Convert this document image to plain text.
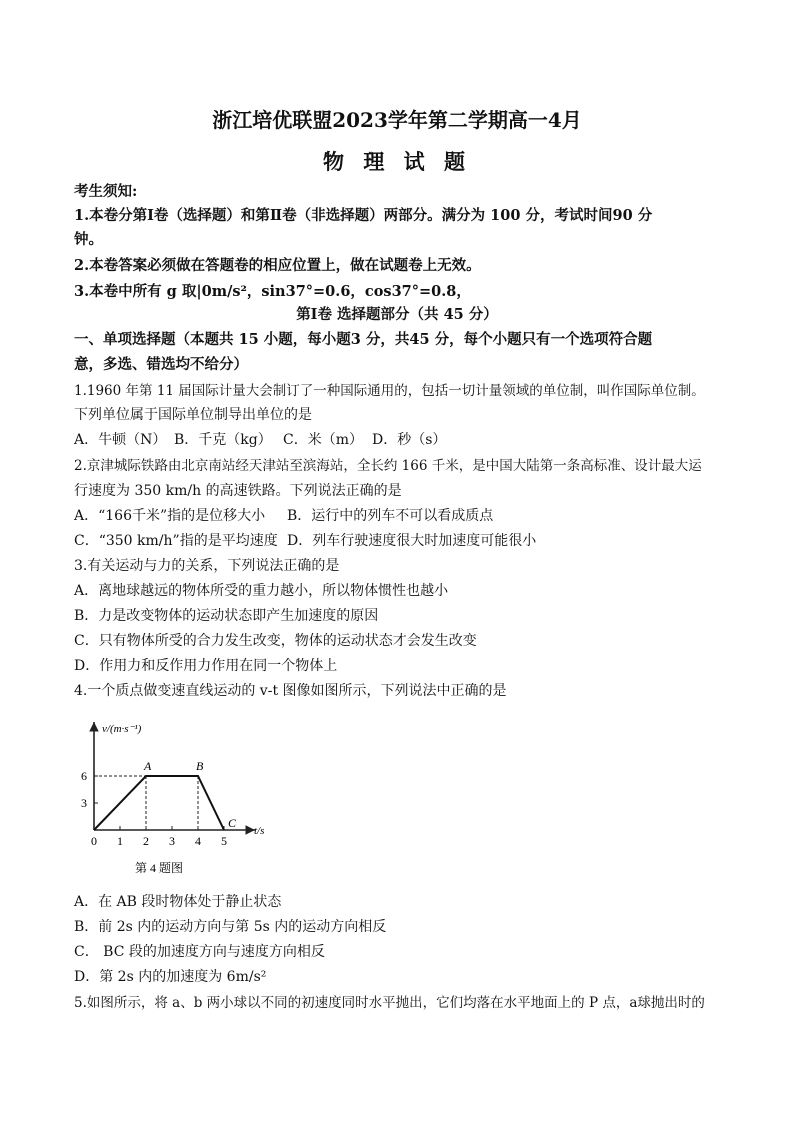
浙江培优联盟2023学年第二学期高一4月
物 理 试 题
考生须知:
1.本卷分第Ⅰ卷（选择题）和第Ⅱ卷（非选择题）两部分。满分为 100 分，考试时间90 分
钟。
2.本卷答案必须做在答题卷的相应位置上，做在试题卷上无效。
3.本卷中所有 g 取|0m/s²，sin37°=0.6，cos37°=0.8，
第Ⅰ卷 选择题部分（共 45 分）
一、单项选择题（本题共 15 小题，每小题3 分，共45 分，每个小题只有一个选项符合题
意，多选、错选均不给分）
1.1960 年第 11 届国际计量大会制订了一种国际通用的，包括一切计量领域的单位制，叫作国际单位制。
下列单位属于国际单位制导出单位的是
A．牛顿（N） B．千克（kg） C．米（m） D．秒（s）
2.京津城际铁路由北京南站经天津站至滨海站，全长约 166 千米，是中国大陆第一条高标准、设计最大运
行速度为 350 km/h 的高速铁路。下列说法正确的是
A．“166千米”指的是位移大小 B．运行中的列车不可以看成质点
C．“350 km/h”指的是平均速度 D．列车行驶速度很大时加速度可能很小
3.有关运动与力的关系，下列说法正确的是
A．离地球越远的物体所受的重力越小，所以物体惯性也越小
B．力是改变物体的运动状态即产生加速度的原因
C．只有物体所受的合力发生改变，物体的运动状态才会发生改变
D．作用力和反作用力作用在同一个物体上
4.一个质点做变速直线运动的 v-t 图像如图所示，下列说法中正确的是
0 1 2 3 4 5
3
6
A	B
C
v/(m·s⁻¹)
t/s
第 4 题图
A．在 AB 段时物体处于静止状态
B．前 2s 内的运动方向与第 5s 内的运动方向相反
C． BC 段的加速度方向与速度方向相反
D．第 2s 内的加速度为 6m/s²
5.如图所示，将 a、b 两小球以不同的初速度同时水平抛出，它们均落在水平地面上的 P 点，a球抛出时的
